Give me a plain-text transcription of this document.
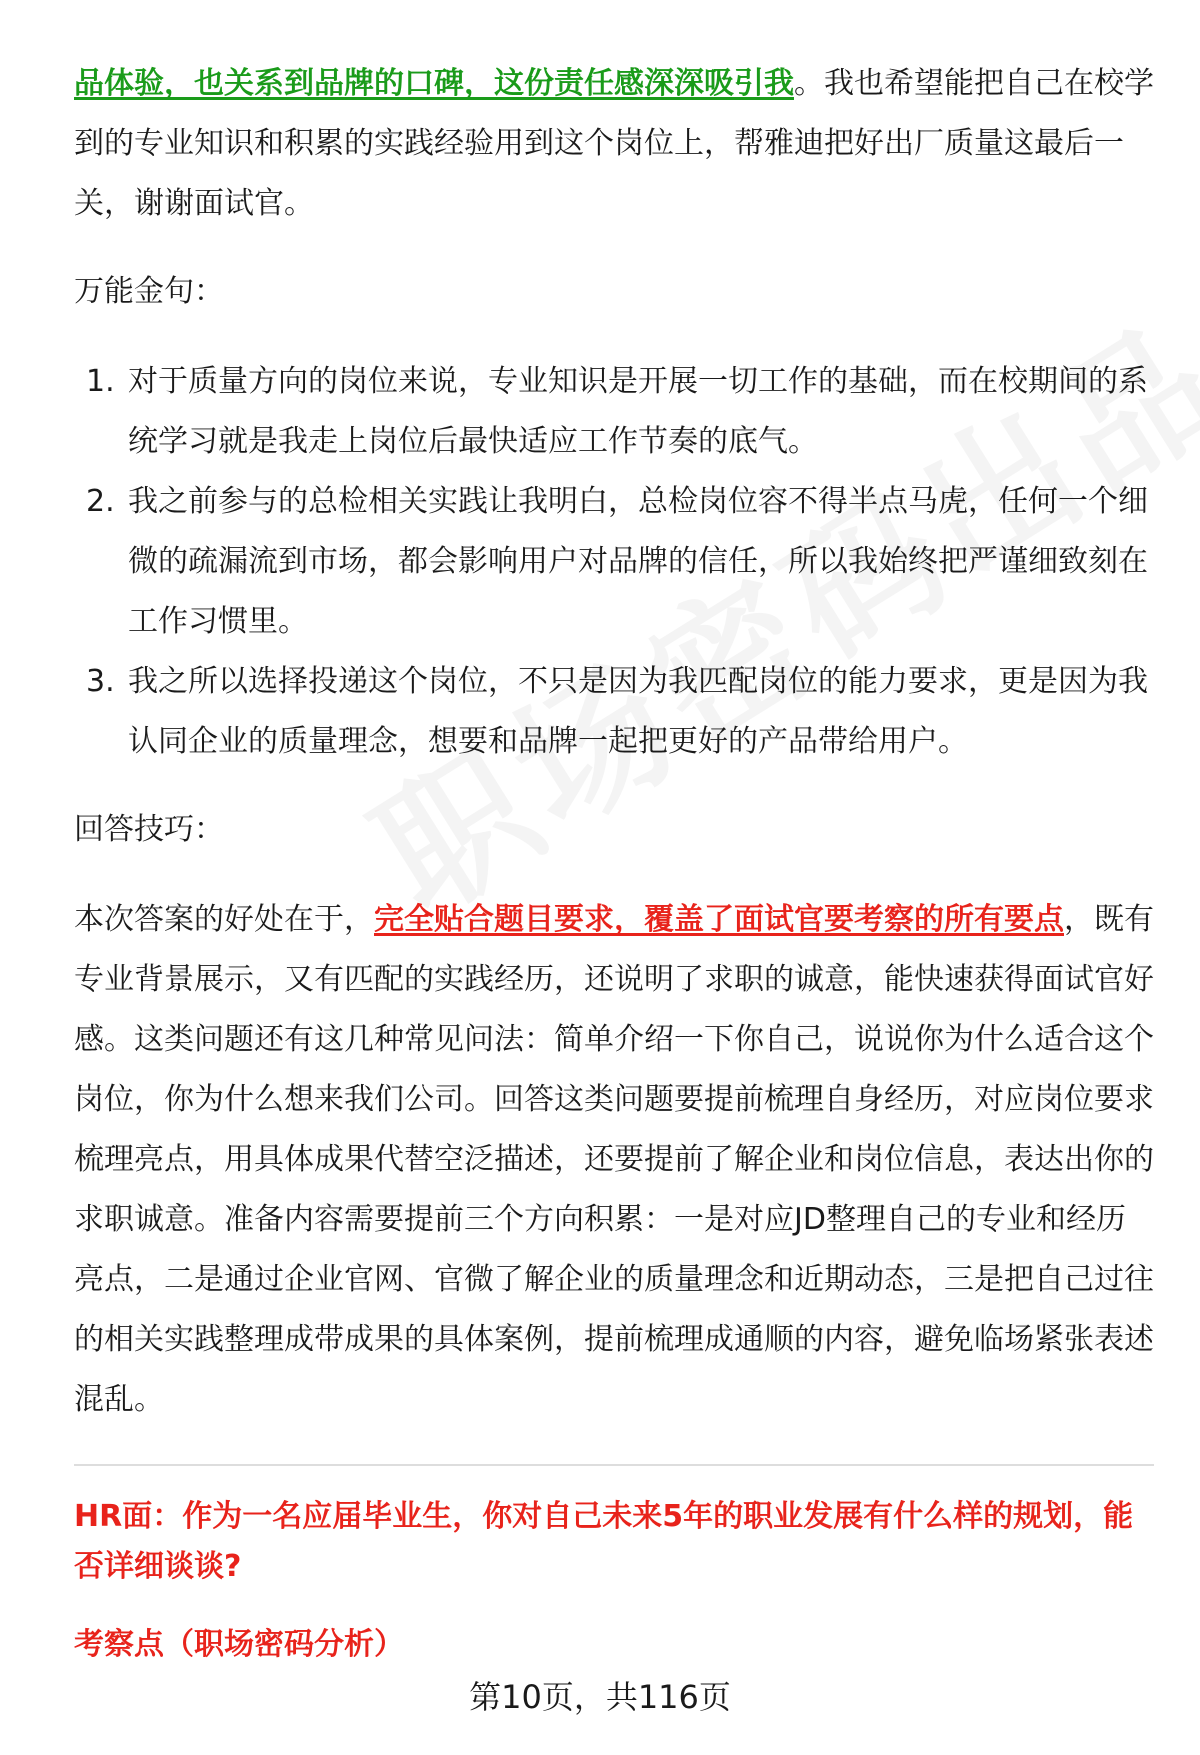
品体验，也关系到品牌的口碑，这份责任感深深吸引我。我也希望能把自己在校学到的专业知识和积累的实践经验用到这个岗位上，帮雅迪把好出厂质量这最后一关，谢谢面试官。

万能金句：
1. 对于质量方向的岗位来说，专业知识是开展一切工作的基础，而在校期间的系统学习就是我走上岗位后最快适应工作节奏的底气。
2. 我之前参与的总检相关实践让我明白，总检岗位容不得半点马虎，任何一个细微的疏漏流到市场，都会影响用户对品牌的信任，所以我始终把严谨细致刻在工作习惯里。
3. 我之所以选择投递这个岗位，不只是因为我匹配岗位的能力要求，更是因为我认同企业的质量理念，想要和品牌一起把更好的产品带给用户。
回答技巧：

本次答案的好处在于，完全贴合题目要求，覆盖了面试官要考察的所有要点，既有专业背景展示，又有匹配的实践经历，还说明了求职的诚意，能快速获得面试官好感。这类问题还有这几种常见问法：简单介绍一下你自己，说说你为什么适合这个岗位，你为什么想来我们公司。回答这类问题要提前梳理自身经历，对应岗位要求梳理亮点，用具体成果代替空泛描述，还要提前了解企业和岗位信息，表达出你的求职诚意。准备内容需要提前三个方向积累：一是对应JD整理自己的专业和经历亮点，二是通过企业官网、官微了解企业的质量理念和近期动态，三是把自己过往的相关实践整理成带成果的具体案例，提前梳理成通顺的内容，避免临场紧张表述混乱。

HR面：作为一名应届毕业生，你对自己未来5年的职业发展有什么样的规划，能否详细谈谈?

考察点（职场密码分析）

第10页，共116页
